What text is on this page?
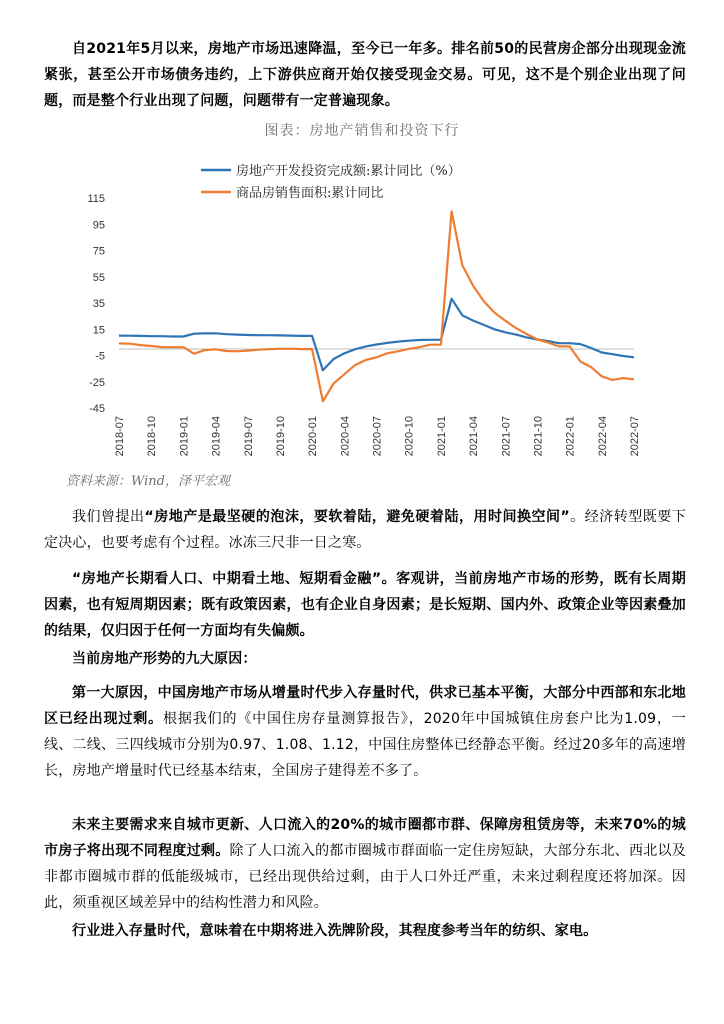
自2021年5月以来，房地产市场迅速降温，至今已一年多。排名前50的民营房企部分出现现金流紧张，甚至公开市场债务违约，上下游供应商开始仅接受现金交易。可见，这不是个别企业出现了问题，而是整个行业出现了问题，问题带有一定普遍现象。
图表：房地产销售和投资下行
房地产开发投资完成额:累计同比（%）
商品房销售面积:累计同比
115
95
75
55
35
15
-5
-25
-45
2018-07 2018-10 2019-01 2019-04 2019-07 2019-10 2020-01 2020-04 2020-07 2020-10 2021-01 2021-04 2021-07 2021-10 2022-01 2022-04 2022-07
资料来源：Wind，泽平宏观
我们曾提出“房地产是最坚硬的泡沫，要软着陆，避免硬着陆，用时间换空间”。经济转型既要下定决心，也要考虑有个过程。冰冻三尺非一日之寒。
“房地产长期看人口、中期看土地、短期看金融”。客观讲，当前房地产市场的形势，既有长周期因素，也有短周期因素；既有政策因素，也有企业自身因素；是长短期、国内外、政策企业等因素叠加的结果，仅归因于任何一方面均有失偏颇。
当前房地产形势的九大原因：
第一大原因，中国房地产市场从增量时代步入存量时代，供求已基本平衡，大部分中西部和东北地区已经出现过剩。根据我们的《中国住房存量测算报告》，2020年中国城镇住房套户比为1.09，一线、二线、三四线城市分别为0.97、1.08、1.12，中国住房整体已经静态平衡。经过20多年的高速增长，房地产增量时代已经基本结束，全国房子建得差不多了。
未来主要需求来自城市更新、人口流入的20%的城市圈都市群、保障房租赁房等，未来70%的城市房子将出现不同程度过剩。除了人口流入的都市圈城市群面临一定住房短缺，大部分东北、西北以及非都市圈城市群的低能级城市，已经出现供给过剩，由于人口外迁严重，未来过剩程度还将加深。因此，须重视区域差异中的结构性潜力和风险。
行业进入存量时代，意味着在中期将进入洗牌阶段，其程度参考当年的纺织、家电。
